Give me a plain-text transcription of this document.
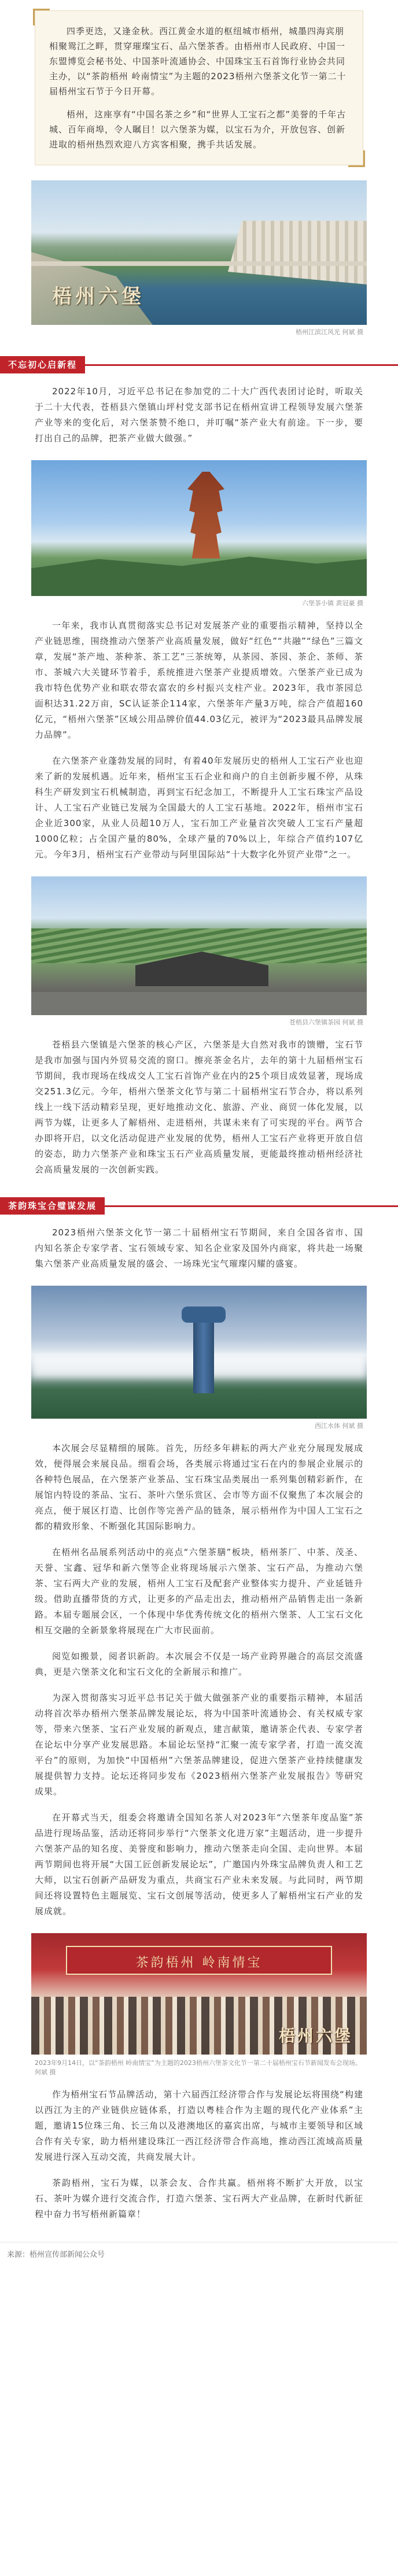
四季更迭，又逢金秋。西江黄金水道的枢纽城市梧州，城墨四海宾朋相聚鸳江之畔，贯穿璀璨宝石、品六堡茶香。由梧州市人民政府、中国一东盟博览会秘书处、中国茶叶流通协会、中国珠宝玉石首饰行业协会共同主办，以“茶韵梧州 岭南情宝”为主题的2023梧州六堡茶文化节一第二十届梧州宝石节于今日开幕。

梧州，这座享有“中国名茶之乡”和“世界人工宝石之都”美誉的千年古城、百年商埠，令人瞩目！以六堡茶为媒，以宝石为介，开放包容、创新进取的梧州热烈欢迎八方宾客相聚，携手共话发展。

梧州六堡
梧州江滨江风光 何斌 摄
不忘初心启新程

2022年10月，习近平总书记在参加党的二十大广西代表团讨论时，听取关于二十大代表，苍梧县六堡镇山坪村党支部书记在梧州宣讲工程领导发展六堡茶产业等来的变化后，对六堡茶赞不绝口，并叮嘱“茶产业大有前途。下一步，要打出自己的品牌，把茶产业做大做强。”

六堡茶小镇 黄冠豪 摄

一年来，我市认真贯彻落实总书记对发展茶产业的重要指示精神，坚持以全产业链思维，围绕推动六堡茶产业高质量发展，做好“红色”“共融”“绿色”三篇文章，发展“茶产地、茶种茶、茶工艺”三茶统筹，从茶园、茶园、茶企、茶师、茶市、茶城六大关键环节着手，系统推进六堡茶产业提质增效。六堡茶产业已成为我市特色优势产业和联农带农富农的乡村振兴支柱产业。2023年，我市茶园总面积达31.22万亩，SC认证茶企114家，六堡茶年产量3万吨，综合产值超160亿元，“梧州六堡茶”区域公用品牌价值44.03亿元，被评为“2023最具品牌发展力品牌”。

在六堡茶产业蓬勃发展的同时，有着40年发展历史的梧州人工宝石产业也迎来了新的发展机遇。近年来，梧州宝玉石企业和商户的自主创新步履不停，从珠科生产研发到宝石机械制造，再到宝石纪念加工，不断提升人工宝石珠宝产品设计、人工宝石产业链已发展为全国最大的人工宝石基地。2022年，梧州市宝石企业近300家，从业人员超10万人，宝石加工产业量首次突破人工宝石产量超1000亿粒；占全国产量的80%，全球产量的70%以上，年综合产值约107亿元。今年3月，梧州宝石产业带动与阿里国际站“十大数字化外贸产业带”之一。

苍梧县六堡镇茶园 何斌 摄

苍梧县六堡镇是六堡茶的核心产区，六堡茶是大自然对我市的馈赠，宝石节是我市加强与国内外贸易交流的窗口。擦亮茶金名片，去年的第十九届梧州宝石节期间，我市现场在线成交人工宝石首饰产业在内的25个项目成效显著，现场成交251.3亿元。今年，梧州六堡茶文化节与第二十届梧州宝石节合办，将以系列线上一线下活动精彩呈现，更好地推动文化、旅游、产业、商贸一体化发展，以两节为媒，让更多人了解梧州、走进梧州，共谋未来有了可实现的平台。两节合办即将开启，以文化活动促进产业发展的优势，梧州人工宝石产业将更开放自信的姿态，助力六堡茶产业和珠宝玉石产业高质量发展，更能最终推动梧州经济社会高质量发展的一次创新实践。

茶韵珠宝合璧谋发展

2023梧州六堡茶文化节一第二十届梧州宝石节期间，来自全国各省市、国内知名茶企专家学者、宝石领域专家、知名企业家及国外内商家，将共赴一场聚集六堡茶产业高质量发展的盛会、一场珠光宝气璀璨闪耀的盛宴。

西江水体 何斌 摄

本次展会尽显精细的展陈。首先，历经多年耕耘的两大产业充分展现发展成效，便得展会来展良品。细看会场，各类展示将通过宝石在内的参展企业展示的各种特色展品，在六堡茶产业茶品、宝石珠宝品类展出一系列集创精彩新作，在展馆内特设的茶品、宝石、茶叶六堡乐赏区、会市等方面不仅聚焦了本次展会的亮点，便于展区打造、比创作等完善产品的链条，展示梧州作为中国人工宝石之都的精致形象、不断强化其国际影响力。

在梧州名品展系列活动中的亮点“六堡茶膳”板块，梧州茶厂、中茶、茂圣、天誉、宝鑫、冠华和新六堡等企业将现场展示六堡茶、宝石产品，为推动六堡茶、宝石两大产业的发展，梧州人工宝石及配套产业整体实力提升、产业延链升级。借助直播带货的方式，让更多的产品走出去，推动梧州产品销售走出一条新路。本届专题展会区，一个体现中华优秀传统文化的梧州六堡茶、人工宝石文化相互交融的全新景象将展现在广大市民面前。

阅览如搬景，阅者识新韵。本次展会不仅是一场产业跨界融合的高层交流盛典，更是六堡茶文化和宝石文化的全新展示和推广。

为深入贯彻落实习近平总书记关于做大做强茶产业的重要指示精神，本届活动将首次举办梧州六堡茶品牌发展论坛，将为中国茶叶流通协会、有关权威专家等，带来六堡茶、宝石产业发展的新观点，建言献策，邀请茶企代表、专家学者在论坛中分享产业发展思路。本届论坛坚持“汇聚一流专家学者，打造一流交流平台”的原则，为加快“中国梧州”六堡茶品牌建设，促进六堡茶产业持续健康发展提供智力支持。论坛还将同步发布《2023梧州六堡茶产业发展报告》等研究成果。

在开幕式当天，组委会将邀请全国知名茶人对2023年“六堡茶年度品鉴”茶品进行现场品鉴，活动还将同步举行“六堡茶文化进万家”主题活动，进一步提升六堡茶产品的知名度、美誉度和影响力，推动六堡茶走向全国、走向世界。本届两节期间也将开展“大国工匠创新发展论坛”，广邀国内外珠宝品牌负责人和工艺大师，以宝石创新产品研发为重点，共商宝石产业未来发展。与此同时，两节期间还将设置特色主题展览、宝石文创展等活动，使更多人了解梧州宝石产业的发展成就。

茶韵梧州 岭南情宝
梧州六堡
2023年9月14日，以“茶韵梧州 岭南情宝”为主题的2023梧州六堡茶文化节一第二十届梧州宝石节新闻发布会现场。 何斌 摄

作为梧州宝石节品牌活动，第十六届西江经济带合作与发展论坛将围绕“构建以西江为主的产业链供应链体系，打造以粤桂合作为主题的现代化产业体系”主题，邀请15位珠三角、长三角以及港澳地区的嘉宾出席，与城市主要领导和区域合作有关专家，助力梧州建设珠江一西江经济带合作高地，推动西江流域高质量发展进行深入互动交流，共商发展大计。

茶韵梧州，宝石为媒，以茶会友、合作共赢。梧州将不断扩大开放，以宝石、茶叶为媒介进行交流合作，打造六堡茶、宝石两大产业品牌，在新时代新征程中奋力书写梧州新篇章！

来源：梧州宣传部新闻公众号
